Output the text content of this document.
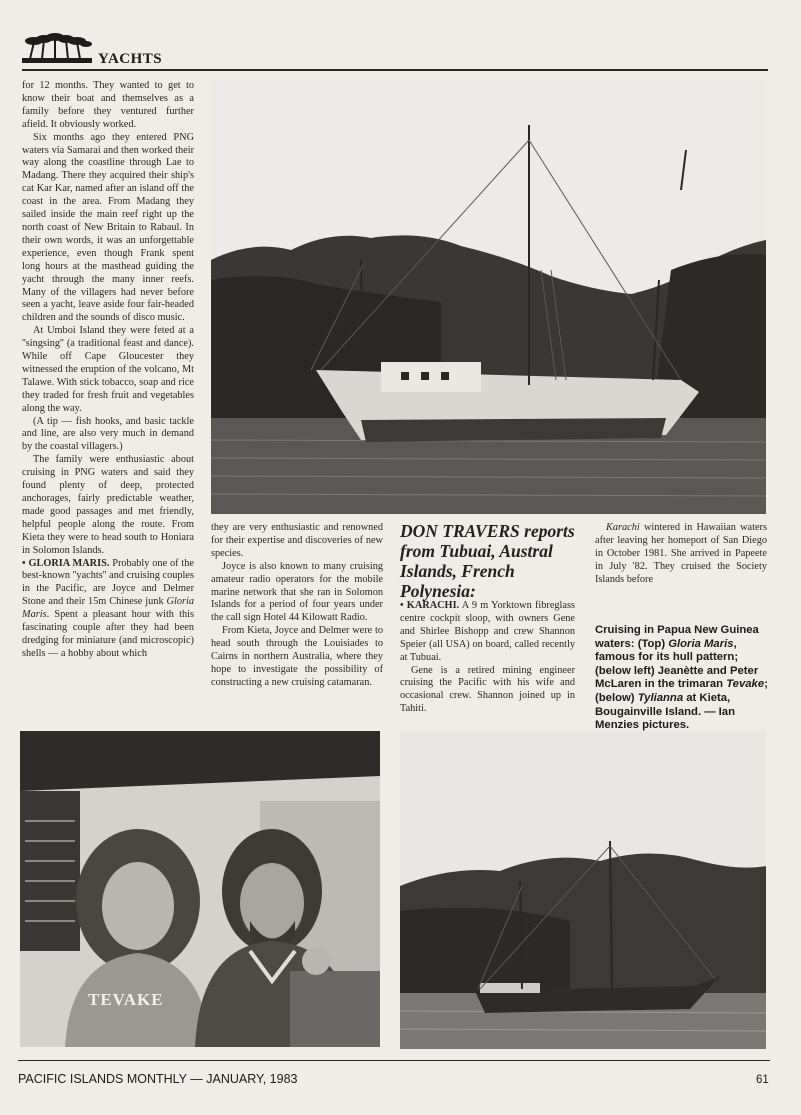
YACHTS

for 12 months. They wanted to get to know their boat and themselves as a family before they ventured further afield. It obviously worked.

Six months ago they entered PNG waters via Samarai and then worked their way along the coastline through Lae to Madang. There they acquired their ship's cat Kar Kar, named after an island off the coast in the area. From Madang they sailed inside the main reef right up the north coast of New Britain to Rabaul. In their own words, it was an unforgettable experience, even though Frank spent long hours at the masthead guiding the yacht through the many inner reefs. Many of the villagers had never before seen a yacht, leave aside four fair-headed children and the sounds of disco music.

At Umboi Island they were feted at a ''singsing'' (a traditional feast and dance). While off Cape Gloucester they witnessed the eruption of the volcano, Mt Talawe. With stick tobacco, soap and rice they traded for fresh fruit and vegetables along the way.

(A tip — fish hooks, and basic tackle and line, are also very much in demand by the coastal villagers.)

The family were enthusiastic about cruising in PNG waters and said they found plenty of deep, protected anchorages, fairly predictable weather, made good passages and met friendly, helpful people along the route. From Kieta they were to head south to Honiara in Solomon Islands.

• GLORIA MARIS. Probably one of the best-known ''yachts'' and cruising couples in the Pacific, are Joyce and Delmer Stone and their 15m Chinese junk Gloria Maris. Spent a pleasant hour with this fascinating couple after they had been dredging for miniature (and microscopic) shells — a hobby about which

they are very enthusiastic and renowned for their expertise and discoveries of new species.

Joyce is also known to many cruising amateur radio operators for the mobile marine network that she ran in Solomon Islands for a period of four years under the call sign Hotel 44 Kilowatt Radio.

From Kieta, Joyce and Delmer were to head south through the Louisiades to Cairns in northern Australia, where they hope to investigate the possibility of constructing a new cruising catamaran.

DON TRAVERS reports from Tubuai, Austral Islands, French Polynesia:

• KARACHI. A 9 m Yorktown fibreglass centre cockpit sloop, with owners Gene and Shirlee Bishopp and crew Shannon Speier (all USA) on board, called recently at Tubuai.

Gene is a retired mining engineer cruising the Pacific with his wife and occasional crew. Shannon joined up in Tahiti.

Karachi wintered in Hawaiian waters after leaving her homeport of San Diego in October 1981. She arrived in Papeete in July '82. They cruised the Society Islands before

Cruising in Papua New Guinea waters: (Top) Gloria Maris, famous for its hull pattern; (below left) Jeanètte and Peter McLaren in the trimaran Tevake; (below) Tylianna at Kieta, Bougainville Island. — Ian Menzies pictures.
TEVAKE
PACIFIC ISLANDS MONTHLY — JANUARY, 1983	61
